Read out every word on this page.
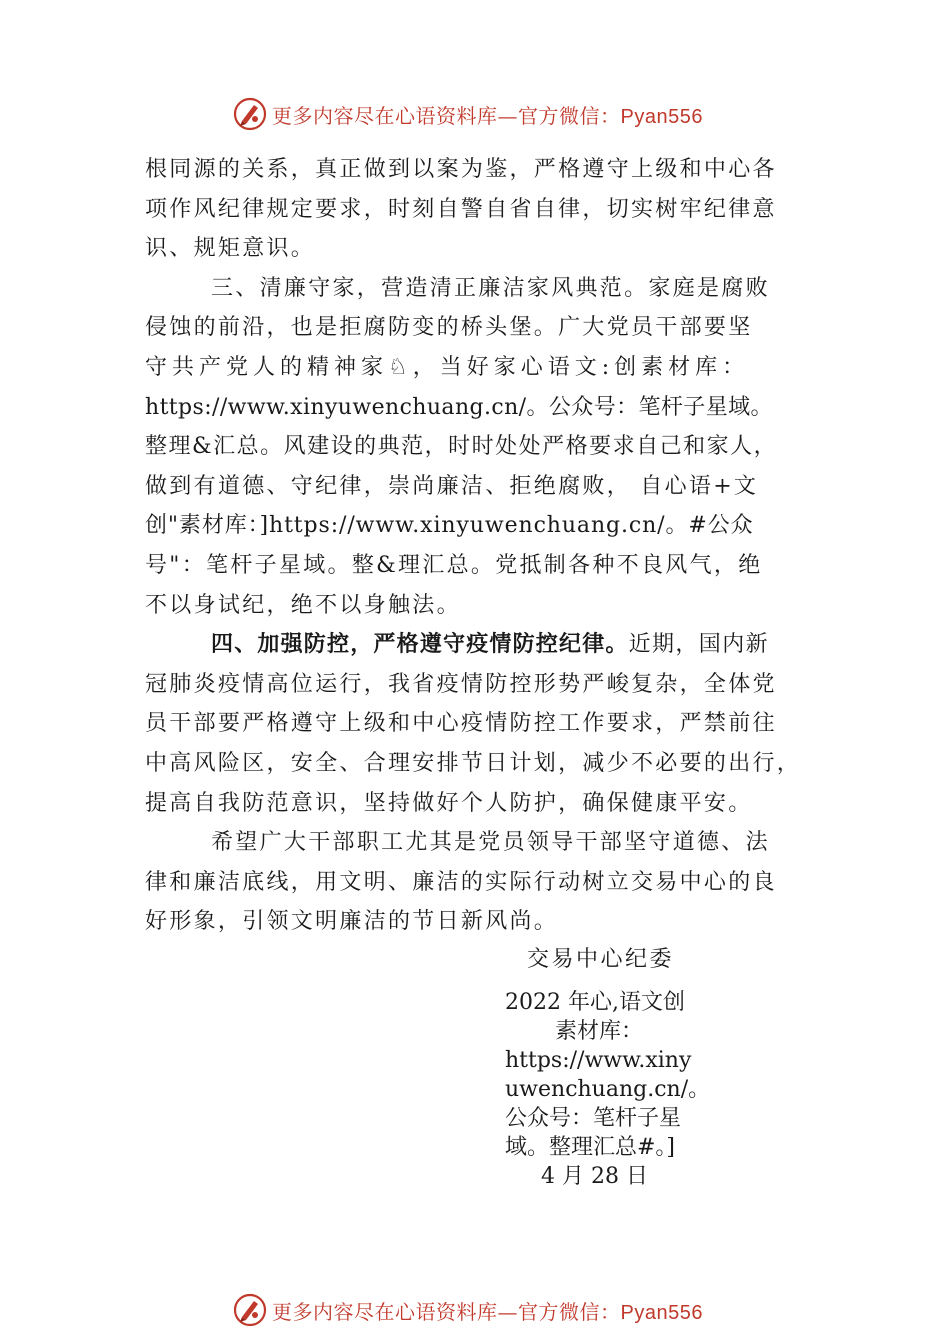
更多内容尽在心语资料库—官方微信：Pyan556
根同源的关系，真正做到以案为鉴，严格遵守上级和中心各
项作风纪律规定要求，时刻自警自省自律，切实树牢纪律意
识、规矩意识。
三、清廉守家，营造清正廉洁家风典范。家庭是腐败
侵蚀的前沿，也是拒腐防变的桥头堡。广大党员干部要坚
守共产党人的精神家♘，当好家心语文:创素材库：
https://www.xinyuwenchuang.cn/。公众号：笔杆子星域。
整理&汇总。风建设的典范，时时处处严格要求自己和家人，
做到有道德、守纪律，崇尚廉洁、拒绝腐败， 自心语+文
创"素材库：]https://www.xinyuwenchuang.cn/。#公众
号"：笔杆子星域。整&理汇总。党抵制各种不良风气，绝
不以身试纪，绝不以身触法。
四、加强防控，严格遵守疫情防控纪律。近期，国内新
冠肺炎疫情高位运行，我省疫情防控形势严峻复杂，全体党
员干部要严格遵守上级和中心疫情防控工作要求，严禁前往
中高风险区，安全、合理安排节日计划，减少不必要的出行，
提高自我防范意识，坚持做好个人防护，确保健康平安。
希望广大干部职工尤其是党员领导干部坚守道德、法
律和廉洁底线，用文明、廉洁的实际行动树立交易中心的良
好形象，引领文明廉洁的节日新风尚。
交易中心纪委
2022 年心,语文创
素材库：
https://www.xiny
uwenchuang.cn/。
公众号：笔杆子星
域。整理汇总#。]
4 月 28 日
更多内容尽在心语资料库—官方微信：Pyan556
